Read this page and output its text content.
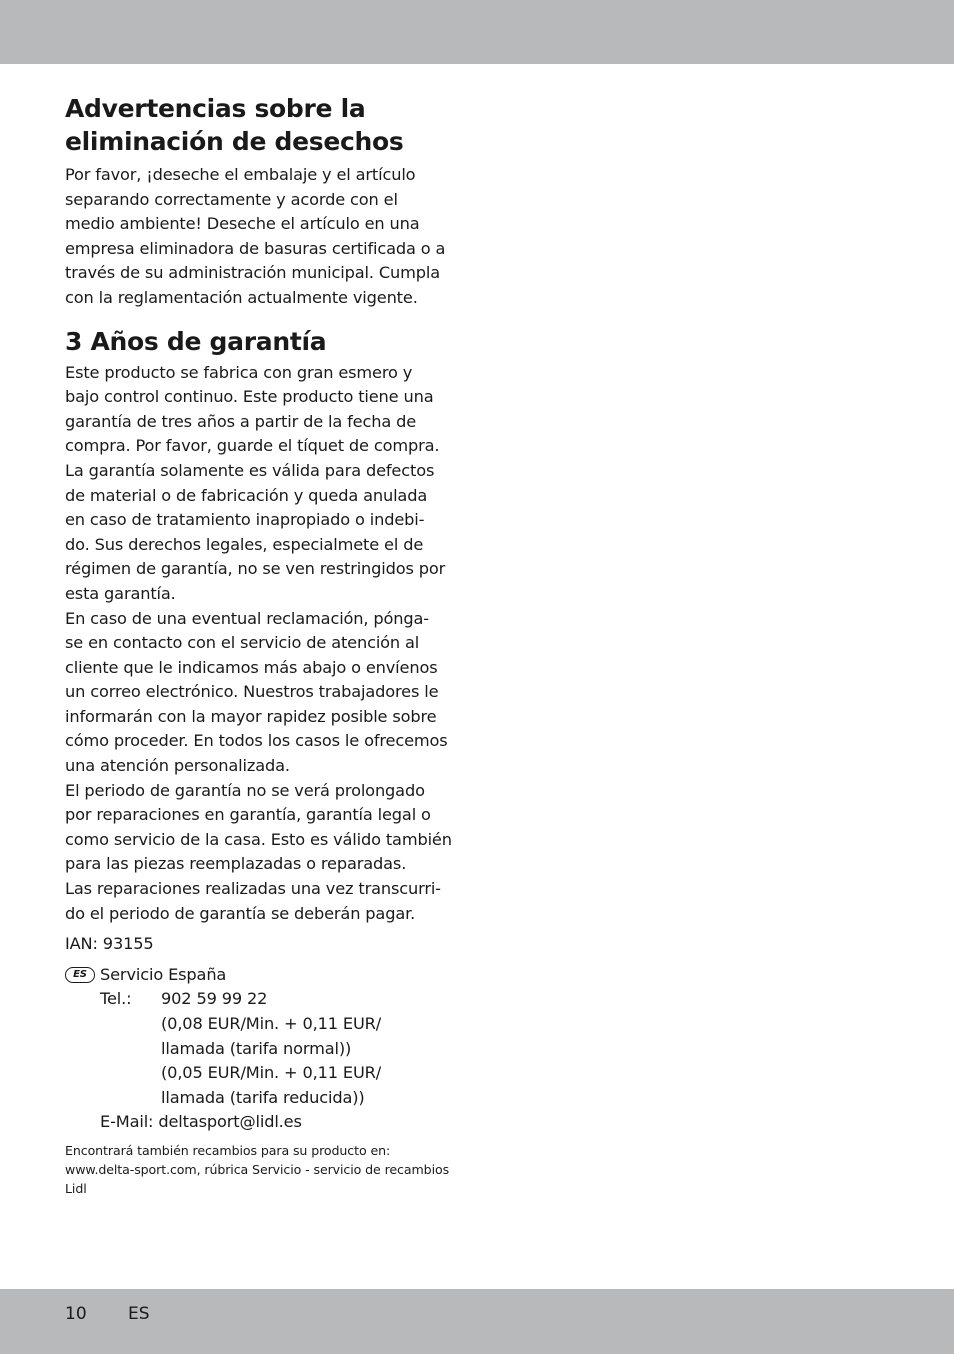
Advertencias sobre la
eliminación de desechos
Por favor, ¡deseche el embalaje y el artículo
separando correctamente y acorde con el
medio ambiente! Deseche el artículo en una
empresa eliminadora de basuras certificada o a
través de su administración municipal. Cumpla
con la reglamentación actualmente vigente.
3 Años de garantía
Este producto se fabrica con gran esmero y
bajo control continuo. Este producto tiene una
garantía de tres años a partir de la fecha de
compra. Por favor, guarde el tíquet de compra.
La garantía solamente es válida para defectos
de material o de fabricación y queda anulada
en caso de tratamiento inapropiado o indebi-
do. Sus derechos legales, especialmete el de
régimen de garantía, no se ven restringidos por
esta garantía.
En caso de una eventual reclamación, pónga-
se en contacto con el servicio de atención al
cliente que le indicamos más abajo o envíenos
un correo electrónico. Nuestros trabajadores le
informarán con la mayor rapidez posible sobre
cómo proceder. En todos los casos le ofrecemos
una atención personalizada.
El periodo de garantía no se verá prolongado
por reparaciones en garantía, garantía legal o
como servicio de la casa. Esto es válido también
para las piezas reemplazadas o reparadas.
Las reparaciones realizadas una vez transcurri-
do el periodo de garantía se deberán pagar.
IAN: 93155
ES Servicio España
Tel.: 902 59 99 22
(0,08 EUR/Min. + 0,11 EUR/
llamada (tarifa normal))
(0,05 EUR/Min. + 0,11 EUR/
llamada (tarifa reducida))
E-Mail: deltasport@lidl.es
Encontrará también recambios para su producto en:
www.delta-sport.com, rúbrica Servicio - servicio de recambios
Lidl
10 ES
